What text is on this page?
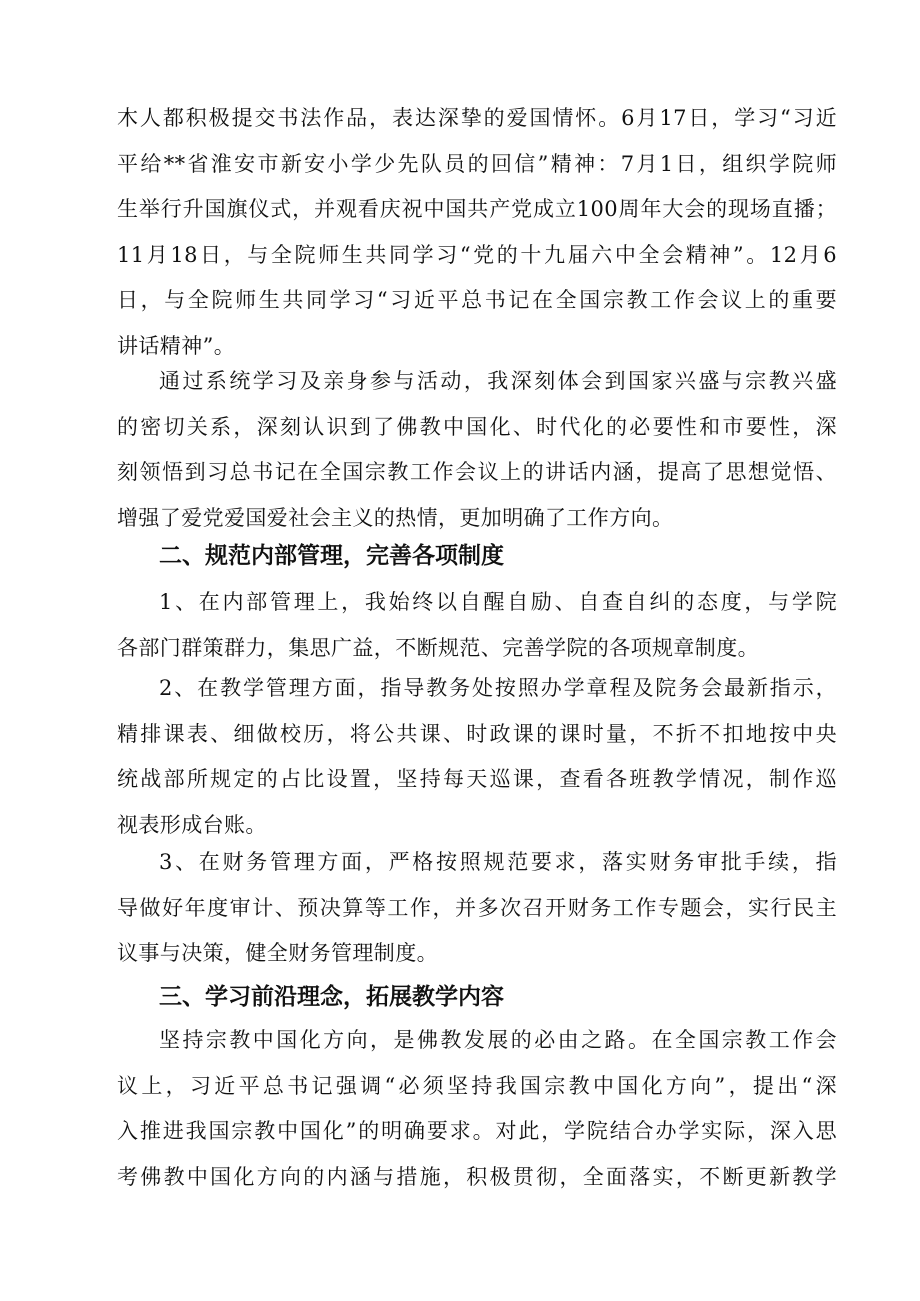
木人都积极提交书法作品，表达深挚的爱国情怀。6月17日，学习“习近
平给**省淮安市新安小学少先队员的回信”精神：7月1日，组织学院师
生举行升国旗仪式，并观看庆祝中国共产党成立100周年大会的现场直播；
11月18日，与全院师生共同学习“党的十九届六中全会精神”。12月6
日，与全院师生共同学习“习近平总书记在全国宗教工作会议上的重要
讲话精神”。
通过系统学习及亲身参与活动，我深刻体会到国家兴盛与宗教兴盛
的密切关系，深刻认识到了佛教中国化、时代化的必要性和市要性，深
刻领悟到习总书记在全国宗教工作会议上的讲话内涵，提高了思想觉悟、
增强了爱党爱国爱社会主义的热情，更加明确了工作方向。
二、规范内部管理，完善各项制度
1、在内部管理上，我始终以自醒自励、自查自纠的态度，与学院
各部门群策群力，集思广益，不断规范、完善学院的各项规章制度。
2、在教学管理方面，指导教务处按照办学章程及院务会最新指示，
精排课表、细做校历，将公共课、时政课的课时量，不折不扣地按中央
统战部所规定的占比设置，坚持每天巡课，查看各班教学情况，制作巡
视表形成台账。
3、在财务管理方面，严格按照规范要求，落实财务审批手续，指
导做好年度审计、预决算等工作，并多次召开财务工作专题会，实行民主
议事与决策，健全财务管理制度。
三、学习前沿理念，拓展教学内容
坚持宗教中国化方向，是佛教发展的必由之路。在全国宗教工作会
议上，习近平总书记强调“必须坚持我国宗教中国化方向”，提出“深
入推进我国宗教中国化”的明确要求。对此，学院结合办学实际，深入思
考佛教中国化方向的内涵与措施，积极贯彻，全面落实，不断更新教学
